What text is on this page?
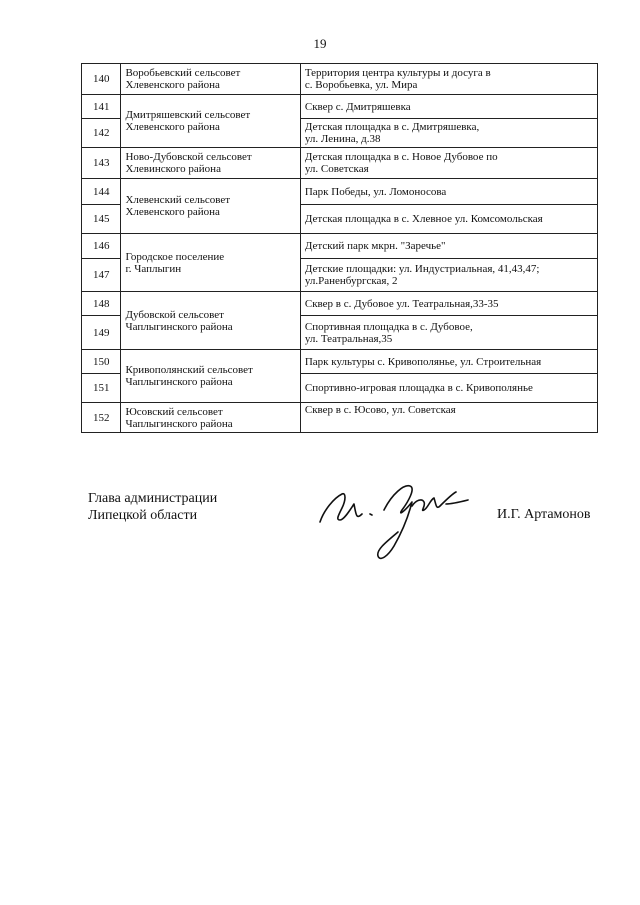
19
140	Воробьевский сельсовет
Хлевенского района	Территория центра культуры и досуга в
с. Воробьевка, ул. Мира

141	Дмитряшевский сельсовет
Хлевенского района	Сквер с. Дмитряшевка

142		Детская площадка в с. Дмитряшевка,
ул. Ленина, д.38

143	Ново-Дубовской сельсовет
Хлевинского района	Детская площадка в с. Новое Дубовое по
ул. Советская

144	Хлевенский сельсовет
Хлевенского района	Парк Победы, ул. Ломоносова

145		Детская площадка в с. Хлевное ул. Комсомольская

146	Городское поселение
г. Чаплыгин	Детский парк мкрн. "Заречье"

147		Детские площадки: ул. Индустриальная, 41,43,47;
ул.Раненбургская, 2

148	Дубовской сельсовет
Чаплыгинского района	Сквер в с. Дубовое ул. Театральная,33-35

149		Спортивная площадка в с. Дубовое,
ул. Театральная,35

150	Кривополянский сельсовет
Чаплыгинского района	Парк культуры с. Кривополянье, ул. Строительная

151		Спортивно-игровая площадка в с. Кривополянье

152	Юсовский сельсовет
Чаплыгинского района	Сквер в с. Юсово, ул. Советская
Глава администрации
Липецкой области	И.Г. Артамонов
